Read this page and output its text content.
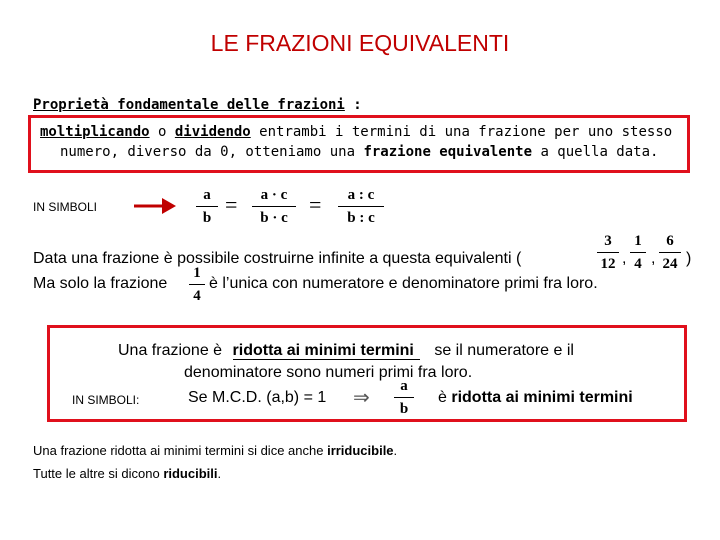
LE FRAZIONI EQUIVALENTI
Proprietà fondamentale delle frazioni :
moltiplicando o dividendo entrambi i termini di una frazione per uno stesso
numero, diverso da 0, otteniamo una frazione equivalente a quella data.
IN SIMBOLI
a
b
=	a · c
b · c
=	a : c
b : c
Data una frazione è possibile costruirne infinite a questa equivalenti (
3
12 ,
1
4 ,
6
24 )
Ma solo la frazione
1
4
è l’unica con numeratore e denominatore primi fra loro.
Una frazione è ridotta ai minimi termini se il numeratore e il
denominatore sono numeri primi fra loro.
IN SIMBOLI:	Se M.C.D. (a,b) = 1 ⇒
a
b
è ridotta ai minimi termini
Una frazione ridotta ai minimi termini si dice anche irriducibile.
Tutte le altre si dicono riducibili.
